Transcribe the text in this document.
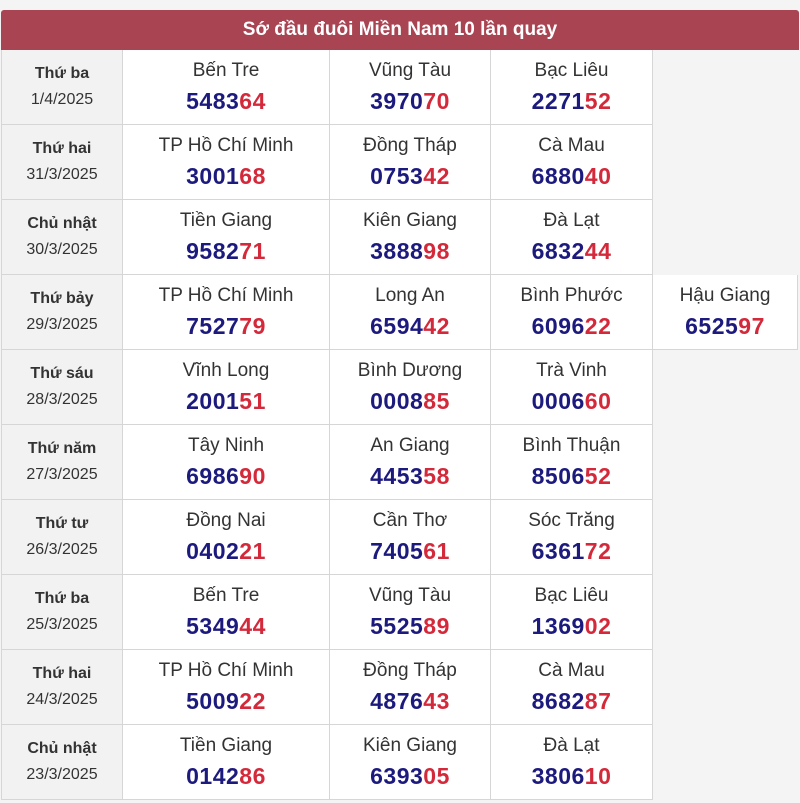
Sớ đầu đuôi Miền Nam 10 lần quay
Thứ ba
1/4/2025
Bến Tre
548364
Vũng Tàu
397070
Bạc Liêu
227152
Thứ hai
31/3/2025
TP Hồ Chí Minh
300168
Đồng Tháp
075342
Cà Mau
688040
Chủ nhật
30/3/2025
Tiền Giang
958271
Kiên Giang
388898
Đà Lạt
683244
Thứ bảy
29/3/2025
TP Hồ Chí Minh
752779
Long An
659442
Bình Phước
609622
Hậu Giang
652597
Thứ sáu
28/3/2025
Vĩnh Long
200151
Bình Dương
000885
Trà Vinh
000660
Thứ năm
27/3/2025
Tây Ninh
698690
An Giang
445358
Bình Thuận
850652
Thứ tư
26/3/2025
Đồng Nai
040221
Cần Thơ
740561
Sóc Trăng
636172
Thứ ba
25/3/2025
Bến Tre
534944
Vũng Tàu
552589
Bạc Liêu
136902
Thứ hai
24/3/2025
TP Hồ Chí Minh
500922
Đồng Tháp
487643
Cà Mau
868287
Chủ nhật
23/3/2025
Tiền Giang
014286
Kiên Giang
639305
Đà Lạt
380610
